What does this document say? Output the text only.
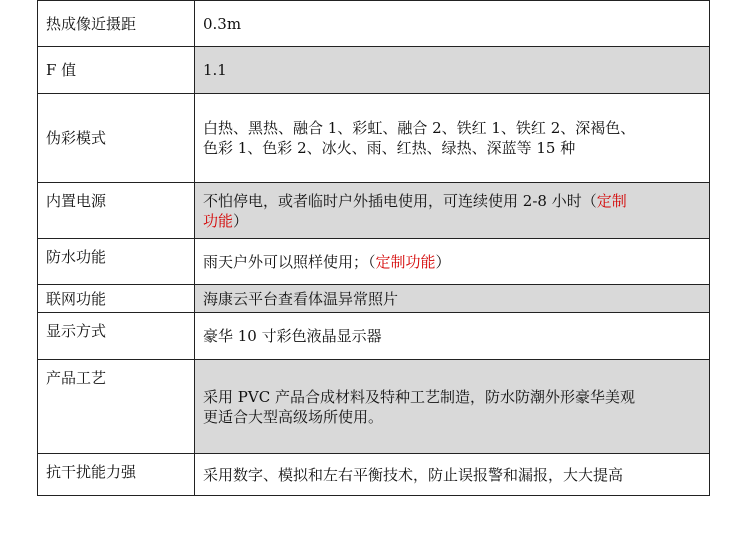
热成像近摄距	0.3m
F 值	1.1
伪彩模式	白热、黑热、融合 1、彩虹、融合 2、铁红 1、铁红 2、深褐色、
色彩 1、色彩 2、冰火、雨、红热、绿热、深蓝等 15 种

内置电源	不怕停电，或者临时户外插电使用，可连续使用 2-8 小时（定制
功能）
防水功能	雨天户外可以照样使用；（定制功能）
联网功能	海康云平台查看体温异常照片
显示方式	豪华 10 寸彩色液晶显示器
产品工艺	采用 PVC 产品合成材料及特种工艺制造，防水防潮外形豪华美观
更适合大型高级场所使用。

抗干扰能力强	采用数字、模拟和左右平衡技术，防止误报警和漏报，大大提高
